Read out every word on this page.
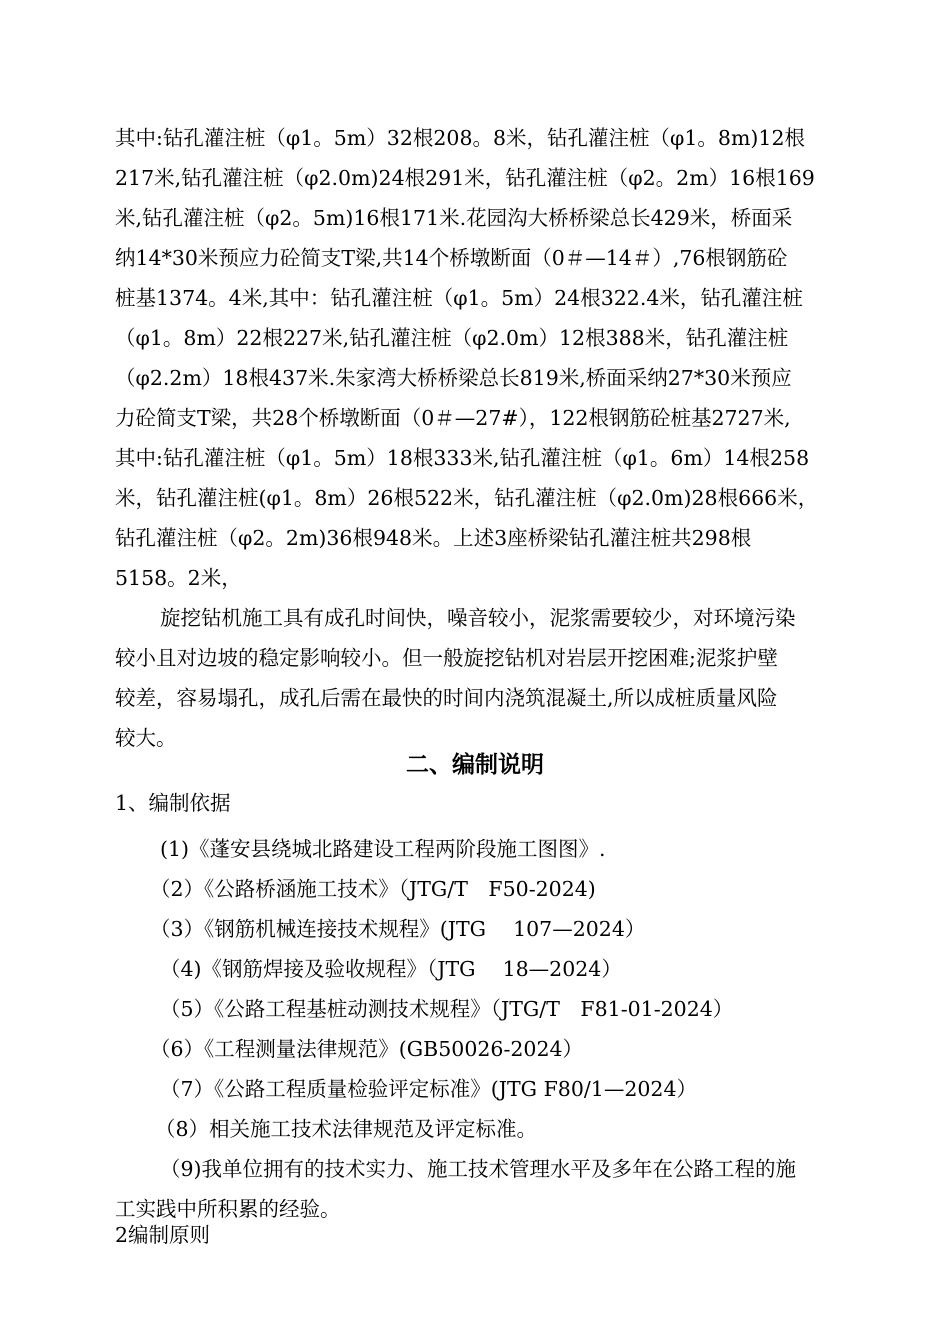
其中:钻孔灌注桩（φ1。5m）32根208。8米，钻孔灌注桩（φ1。8m)12根
217米,钻孔灌注桩（φ2.0m)24根291米，钻孔灌注桩（φ2。2m）16根169
米,钻孔灌注桩（φ2。5m)16根171米.花园沟大桥桥梁总长429米，桥面采
纳14*30米预应力砼简支T梁,共14个桥墩断面（0＃—14＃）,76根钢筋砼
桩基1374。4米,其中：钻孔灌注桩（φ1。5m）24根322.4米，钻孔灌注桩
（φ1。8m）22根227米,钻孔灌注桩（φ2.0m）12根388米，钻孔灌注桩
（φ2.2m）18根437米.朱家湾大桥桥梁总长819米,桥面采纳27*30米预应
力砼简支T梁，共28个桥墩断面（0＃—27#），122根钢筋砼桩基2727米,
其中:钻孔灌注桩（φ1。5m）18根333米,钻孔灌注桩（φ1。6m）14根258
米，钻孔灌注桩(φ1。8m）26根522米，钻孔灌注桩（φ2.0m)28根666米，
钻孔灌注桩（φ2。2m)36根948米。上述3座桥梁钻孔灌注桩共298根
5158。2米，
旋挖钻机施工具有成孔时间快，噪音较小，泥浆需要较少，对环境污染
较小且对边坡的稳定影响较小。但一般旋挖钻机对岩层开挖困难;泥浆护壁
较差，容易塌孔，成孔后需在最快的时间内浇筑混凝土,所以成桩质量风险
较大。
二、编制说明
1、编制依据
(1)《蓬安县绕城北路建设工程两阶段施工图图》.
（2）《公路桥涵施工技术》（JTG/T　F50-2024)
（3）《钢筋机械连接技术规程》(JTG　 107—2024）
（4)《钢筋焊接及验收规程》（JTG　 18—2024）
（5）《公路工程基桩动测技术规程》（JTG/T　F81-01-2024）
（6）《工程测量法律规范》(GB50026-2024）
（7）《公路工程质量检验评定标准》(JTG F80/1—2024）
（8）相关施工技术法律规范及评定标准。
（9)我单位拥有的技术实力、施工技术管理水平及多年在公路工程的施
工实践中所积累的经验。
2编制原则
